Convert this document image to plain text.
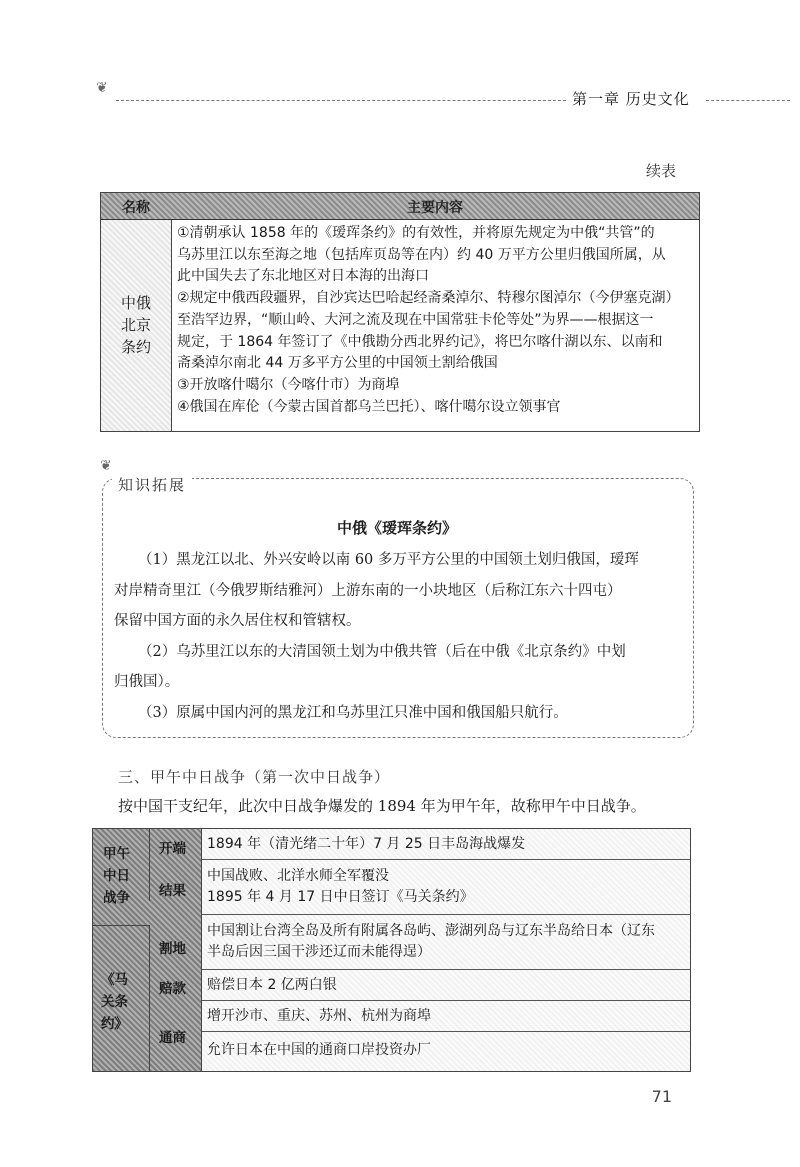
❦
第一章 历史文化
续表
名称	主要内容
中俄北京条约
①清朝承认 1858 年的《瑷珲条约》的有效性，并将原先规定为中俄“共管”的
乌苏里江以东至海之地（包括库页岛等在内）约 40 万平方公里归俄国所属，从
此中国失去了东北地区对日本海的出海口
②规定中俄西段疆界，自沙宾达巴哈起经斋桑淖尔、特穆尔图淖尔（今伊塞克湖）
至浩罕边界，“顺山岭、大河之流及现在中国常驻卡伦等处”为界——根据这一
规定，于 1864 年签订了《中俄勘分西北界约记》，将巴尔喀什湖以东、以南和
斋桑淖尔南北 44 万多平方公里的中国领土割给俄国
③开放喀什噶尔（今喀什市）为商埠
④俄国在库伦（今蒙古国首都乌兰巴托）、喀什噶尔设立领事官
❦
知识拓展
中俄《瑷珲条约》

（1）黑龙江以北、外兴安岭以南 60 多万平方公里的中国领土划归俄国，瑷珲

对岸精奇里江（今俄罗斯结雅河）上游东南的一小块地区（后称江东六十四屯）

保留中国方面的永久居住权和管辖权。

（2）乌苏里江以东的大清国领土划为中俄共管（后在中俄《北京条约》中划

归俄国）。

（3）原属中国内河的黑龙江和乌苏里江只准中国和俄国船只航行。

三、甲午中日战争（第一次中日战争）
按中国干支纪年，此次中日战争爆发的 1894 年为甲午年，故称甲午中日战争。
甲午中日战争
《马关条约》
开端
结果
割地
赔款
通商
1894 年（清光绪二十年）7 月 25 日丰岛海战爆发
中国战败、北洋水师全军覆没
1895 年 4 月 17 日中日签订《马关条约》
中国割让台湾全岛及所有附属各岛屿、澎湖列岛与辽东半岛给日本（辽东
半岛后因三国干涉还辽而未能得逞）
赔偿日本 2 亿两白银
增开沙市、重庆、苏州、杭州为商埠
允许日本在中国的通商口岸投资办厂
71
